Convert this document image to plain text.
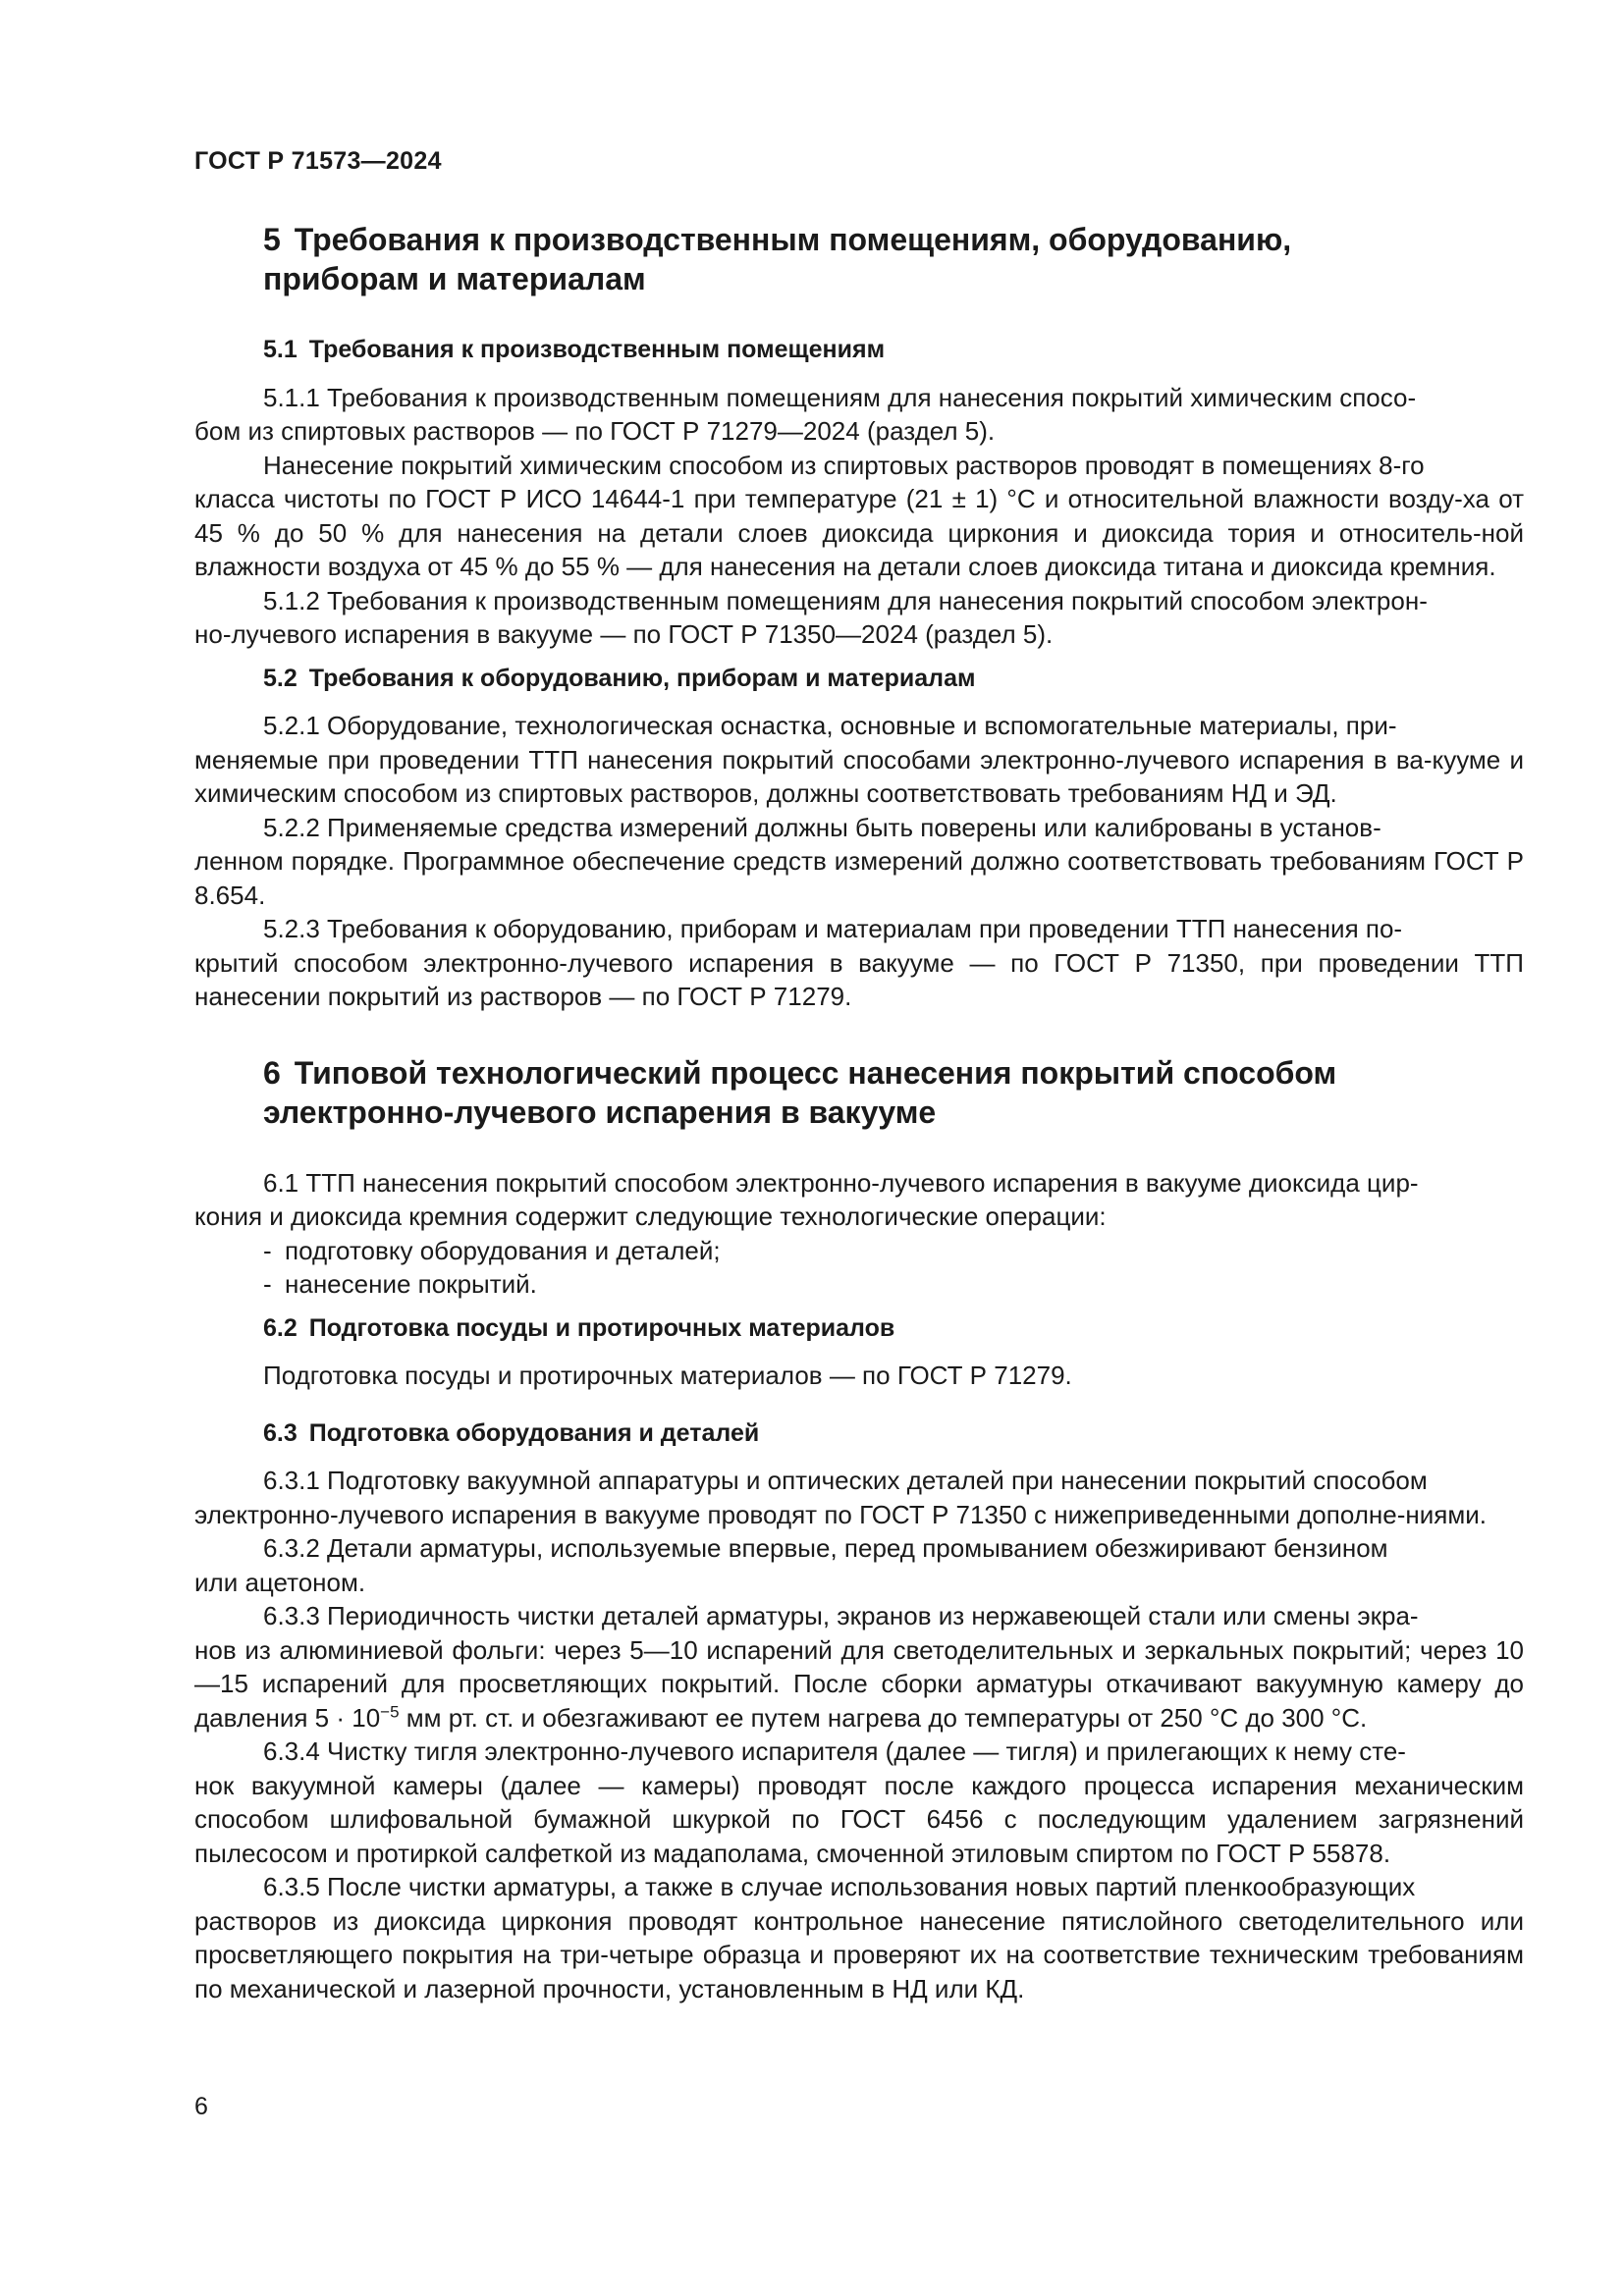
ГОСТ Р 71573—2024
5 Требования к производственным помещениям, оборудованию,
приборам и материалам
5.1 Требования к производственным помещениям
5.1.1 Требования к производственным помещениям для нанесения покрытий химическим спосо-
бом из спиртовых растворов — по ГОСТ Р 71279—2024 (раздел 5).
Нанесение покрытий химическим способом из спиртовых растворов проводят в помещениях 8-го
класса чистоты по ГОСТ Р ИСО 14644-1 при температуре (21 ± 1) °С и относительной влажности возду-ха от 45 % до 50 % для нанесения на детали слоев диоксида циркония и диоксида тория и относитель-ной влажности воздуха от 45 % до 55 % — для нанесения на детали слоев диоксида титана и диоксида кремния.
5.1.2 Требования к производственным помещениям для нанесения покрытий способом электрон-
но-лучевого испарения в вакууме — по ГОСТ Р 71350—2024 (раздел 5).
5.2 Требования к оборудованию, приборам и материалам
5.2.1 Оборудование, технологическая оснастка, основные и вспомогательные материалы, при-
меняемые при проведении ТТП нанесения покрытий способами электронно-лучевого испарения в ва-кууме и химическим способом из спиртовых растворов, должны соответствовать требованиям НД и ЭД.
5.2.2 Применяемые средства измерений должны быть поверены или калиброваны в установ-
ленном порядке. Программное обеспечение средств измерений должно соответствовать требованиям ГОСТ Р 8.654.
5.2.3 Требования к оборудованию, приборам и материалам при проведении ТТП нанесения по-
крытий способом электронно-лучевого испарения в вакууме — по ГОСТ Р 71350, при проведении ТТП нанесении покрытий из растворов — по ГОСТ Р 71279.
6 Типовой технологический процесс нанесения покрытий способом
электронно-лучевого испарения в вакууме
6.1 ТТП нанесения покрытий способом электронно-лучевого испарения в вакууме диоксида цир-
кония и диоксида кремния содержит следующие технологические операции:
- подготовку оборудования и деталей;
- нанесение покрытий.
6.2 Подготовка посуды и протирочных материалов
Подготовка посуды и протирочных материалов — по ГОСТ Р 71279.
6.3 Подготовка оборудования и деталей
6.3.1 Подготовку вакуумной аппаратуры и оптических деталей при нанесении покрытий способом
электронно-лучевого испарения в вакууме проводят по ГОСТ Р 71350 с нижеприведенными дополне-ниями.
6.3.2 Детали арматуры, используемые впервые, перед промыванием обезжиривают бензином
или ацетоном.
6.3.3 Периодичность чистки деталей арматуры, экранов из нержавеющей стали или смены экра-
нов из алюминиевой фольги: через 5—10 испарений для светоделительных и зеркальных покрытий; через 10—15 испарений для просветляющих покрытий. После сборки арматуры откачивают вакуумную камеру до давления $5 \cdot 10^{-5}$ мм рт. ст. и обезгаживают ее путем нагрева до температуры от 250 °С до 300 °С.
6.3.4 Чистку тигля электронно-лучевого испарителя (далее — тигля) и прилегающих к нему сте-
нок вакуумной камеры (далее — камеры) проводят после каждого процесса испарения механическим способом шлифовальной бумажной шкуркой по ГОСТ 6456 с последующим удалением загрязнений пылесосом и протиркой салфеткой из мадаполама, смоченной этиловым спиртом по ГОСТ Р 55878.
6.3.5 После чистки арматуры, а также в случае использования новых партий пленкообразующих
растворов из диоксида циркония проводят контрольное нанесение пятислойного светоделительного или просветляющего покрытия на три-четыре образца и проверяют их на соответствие техническим требованиям по механической и лазерной прочности, установленным в НД или КД.
6
